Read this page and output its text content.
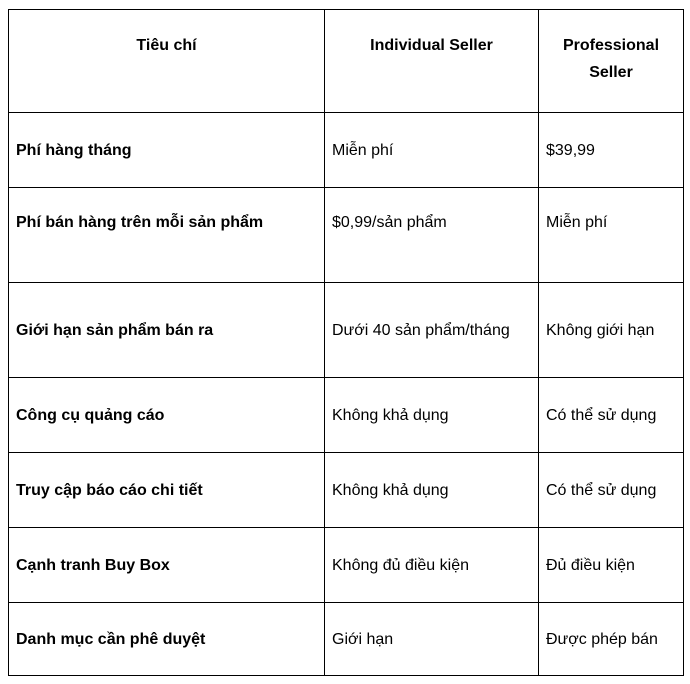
Tiêu chí	Individual Seller	Professional Seller
Phí hàng tháng	Miễn phí	$39,99
Phí bán hàng trên mỗi sản phẩm	$0,99/sản phẩm	Miễn phí
Giới hạn sản phẩm bán ra	Dưới 40 sản phẩm/tháng	Không giới hạn
Công cụ quảng cáo	Không khả dụng	Có thể sử dụng
Truy cập báo cáo chi tiết	Không khả dụng	Có thể sử dụng
Cạnh tranh Buy Box	Không đủ điều kiện	Đủ điều kiện
Danh mục cần phê duyệt	Giới hạn	Được phép bán
